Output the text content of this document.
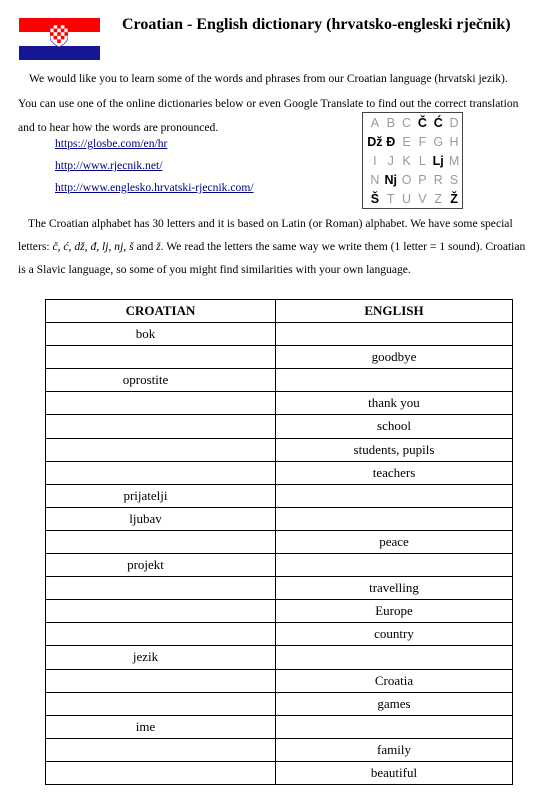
Croatian - English dictionary (hrvatsko-engleski rječnik)

We would like you to learn some of the words and phrases from our Croatian language (hrvatski jezik). You can use one of the online dictionaries below or even Google Translate to find out the correct translation and to hear how the words are pronounced.

https://glosbe.com/en/hr
http://www.rjecnik.net/
http://www.englesko.hrvatski-rjecnik.com/
A B C Č Ć D
Dž Đ E F G H
I J K L Lj M
N Nj O P R S
Š T U V Z Ž

The Croatian alphabet has 30 letters and it is based on Latin (or Roman) alphabet. We have some special letters: č, ć, dž, đ, lj, nj, š and ž. We read the letters the same way we write them (1 letter = 1 sound). Croatian is a Slavic language, so some of you might find similarities with your own language.

CROATIAN	ENGLISH
bok	
	goodbye
oprostite	
	thank you
	school
	students, pupils
	teachers
prijatelji	
ljubav	
	peace
projekt	
	travelling
	Europe
	country
jezik	
	Croatia
	games
ime	
	family
	beautiful
